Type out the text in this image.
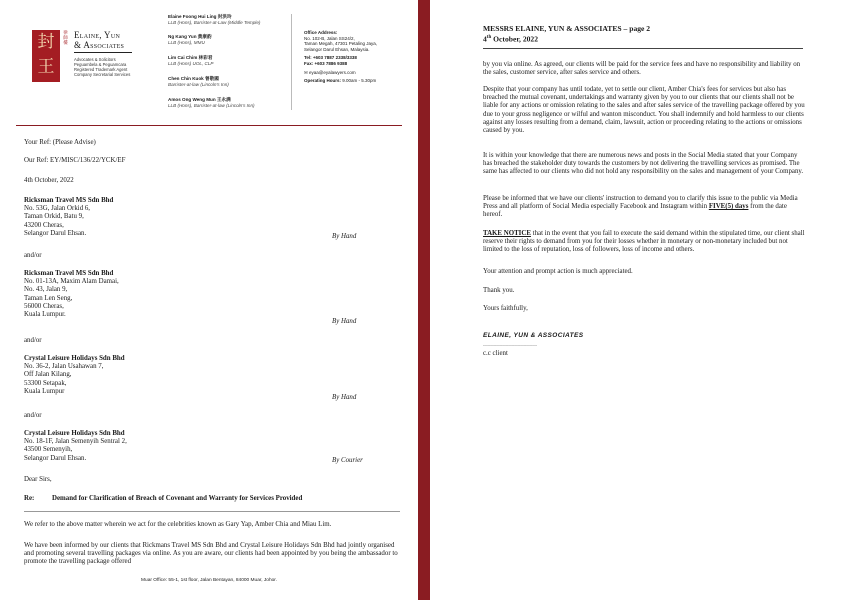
封
王
律師樓
Elaine, Yun
& Associates
Advocates & Solicitors
Peguambela & Peguamcara
Registered Trademark Agent
Company Secretarial Services
Elaine Foong Hui Ling 封洪玲
LLB (Hons), Barrister-at-Law (Middle Temple)
Ng Kang Yun 黄康韵
LLB (Hons), MMU
Lim Cai Chim 林彩君
LLB (Hons) UOL, CLP
Chen Chin Kuok 曾敬國
Barrister-at-law (Lincoln's Inn)
Amos Ong Weng Mun 王永满
LLB (Hons), Barrister-at-law (Lincoln's Inn)
Office Address:
No. 102-B, Jalan SS24/2,
Taman Megah, 47301 Petaling Jaya,
Selangor Darul Ehsan, Malaysia.
Tel: +603 7887 2338/3338
Fax: +603 7886 9388
✉ eyaa@eyalawyers.com
Operating Hours: 9.00am - 5.30pm

Your Ref: (Please Advise)

Our Ref: EY/MISC/136/22/YCK/EF

4th October, 2022

Ricksman Travel MS Sdn Bhd
No. 53G, Jalan Orkid 6,
Taman Orkid, Batu 9,
43200 Cheras,
Selangor Darul Ehsan.	By Hand

and/or

Ricksman Travel MS Sdn Bhd
No. 01-13A, Maxim Alam Damai,
No. 43, Jalan 9,
Taman Len Seng,
56000 Cheras,
Kuala Lumpur.
By Hand

and/or

Crystal Leisure Holidays Sdn Bhd
No. 36-2, Jalan Usahawan 7,
Off Jalan Kilang,
53300 Setapak,
Kuala Lumpur
By Hand

and/or

Crystal Leisure Holidays Sdn Bhd
No. 18-1F, Jalan Semenyih Sentral 2,
43500 Semenyih,
Selangor Darul Ehsan.	By Courier

Dear Sirs,

Re:	Demand for Clarification of Breach of Covenant and Warranty for Services Provided

We refer to the above matter wherein we act for the celebrities known as Gary Yap, Amber Chia and Miau Lim.

We have been informed by our clients that Rickmans Travel MS Sdn Bhd and Crystal Leisure Holidays Sdn Bhd had jointly organised and promoting several travelling packages via online. As you are aware, our clients had been appointed by you being the ambassador to promote the travelling package offered

Muar Office: 55-1, 1st floor, Jalan Bentayan, 84000 Muar, Johor.
MESSRS ELAINE, YUN & ASSOCIATES – page 2
4th October, 2022

by you via online. As agreed, our clients will be paid for the service fees and have no responsibility and liability on the sales, customer service, after sales service and others.

Despite that your company has until todate, yet to settle our client, Amber Chia's fees for services but also has breached the mutual covenant, undertakings and warranty given by you to our clients that our clients shall not be liable for any actions or omission relating to the sales and after sales service of the travelling package offered by you due to your gross negligence or wilful and wanton misconduct. You shall indemnify and hold harmless to our clients against any losses resulting from a demand, claim, lawsuit, action or proceeding relating to the actions or omissions caused by you.

It is within your knowledge that there are numerous news and posts in the Social Media stated that your Company has breached the stakeholder duty towards the customers by not delivering the travelling services as promised. The same has affected to our clients who did not hold any responsibility on the sales and management of your Company.

Please be informed that we have our clients' instruction to demand you to clarify this issue to the public via Media Press and all platform of Social Media especially Facebook and Instagram within FIVE(5) days from the date hereof.

TAKE NOTICE that in the event that you fail to execute the said demand within the stipulated time, our client shall reserve their rights to demand from you for their losses whether in monetary or non-monetary included but not limited to the loss of reputation, loss of followers, loss of income and others.

Your attention and prompt action is much appreciated.

Thank you.

Yours faithfully,

ELAINE, YUN & ASSOCIATES
………………………

c.c client
